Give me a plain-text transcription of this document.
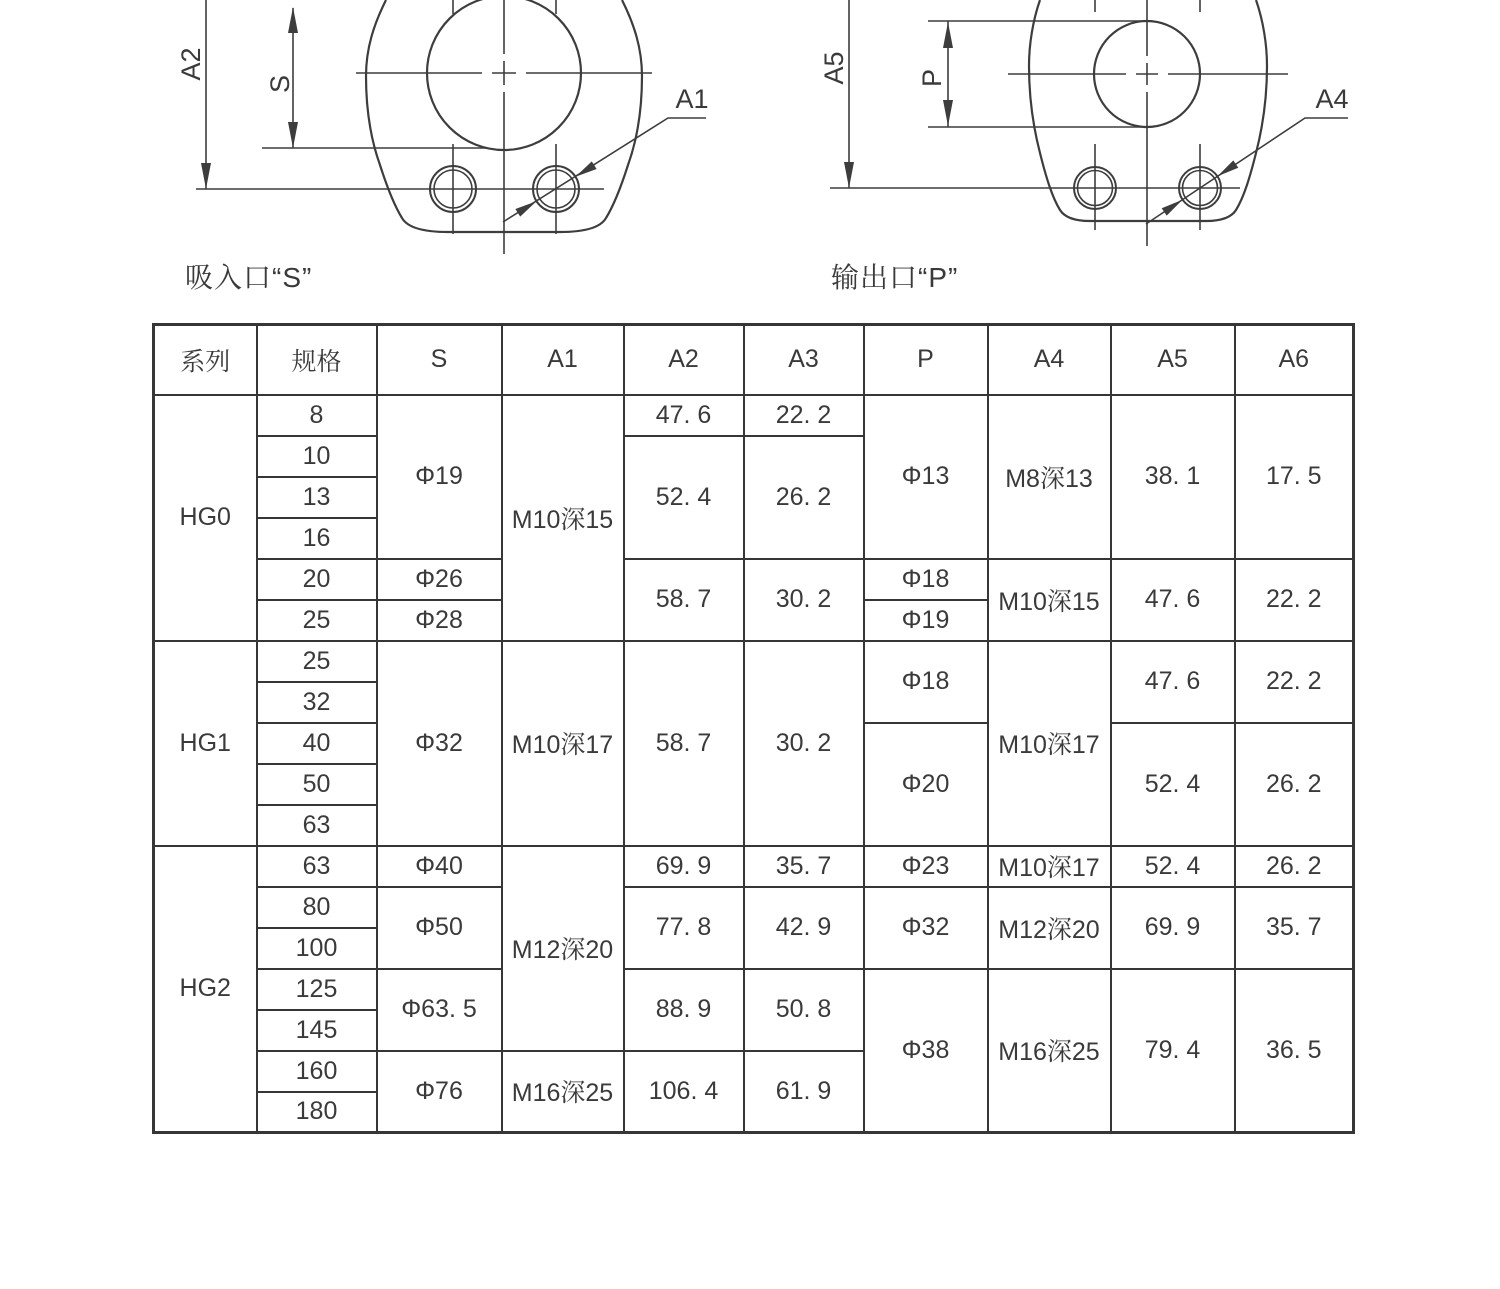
A2
S	A1
A5	P
A4
吸入口“S”	输出口“P”
系列	规格	S	A1	A2	A3	P	A4	A5	A6
HG0	8	Φ19	M10深15	47. 6	22. 2	Φ13	M8深13	38. 1	17. 5
	10			52. 4	26. 2				
	13								
	16								
	20	Φ26		58. 7	30. 2	Φ18	M10深15	47. 6	22. 2
	25	Φ28				Φ19			
HG1	25	Φ32	M10深17	58. 7	30. 2	Φ18	M10深17	47. 6	22. 2
	32								
	40					Φ20		52. 4	26. 2
	50								
	63								
HG2	63	Φ40	M12深20	69. 9	35. 7	Φ23	M10深17	52. 4	26. 2
	80	Φ50		77. 8	42. 9	Φ32	M12深20	69. 9	35. 7
	100								
	125	Φ63. 5		88. 9	50. 8	Φ38	M16深25	79. 4	36. 5
	145								
	160	Φ76	M16深25	106. 4	61. 9				
	180								
